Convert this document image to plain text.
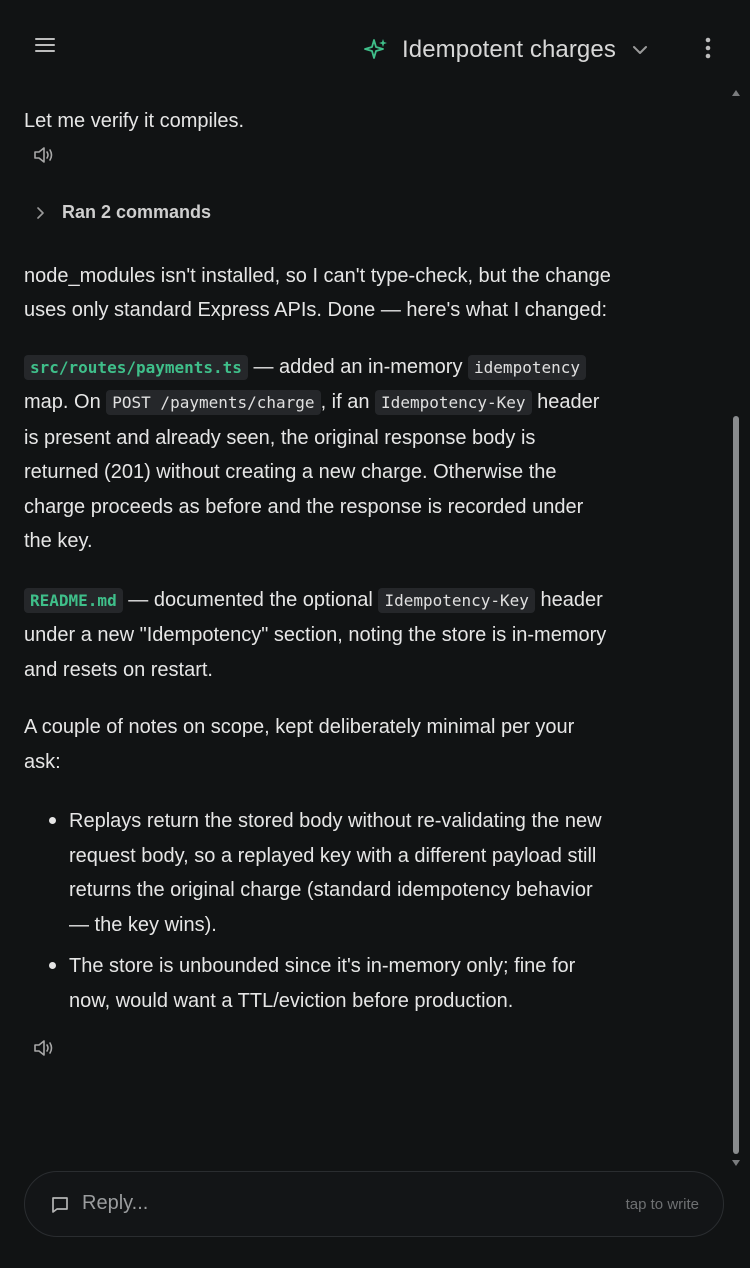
Idempotent charges

Let me verify it compiles.

Ran 2 commands

node_modules isn't installed, so I can't type-check, but the change uses only standard Express APIs. Done — here's what I changed:

src/routes/payments.ts — added an in-memory idempotency map. On POST /payments/charge , if an Idempotency-Key header is present and already seen, the original response body is returned (201) without creating a new charge. Otherwise the charge proceeds as before and the response is recorded under the key.

README.md — documented the optional Idempotency-Key header under a new "Idempotency" section, noting the store is in-memory and resets on restart.

A couple of notes on scope, kept deliberately minimal per your ask:

• Replays return the stored body without re-validating the new request body, so a replayed key with a different payload still returns the original charge (standard idempotency behavior — the key wins).
• The store is unbounded since it's in-memory only; fine for now, would want a TTL/eviction before production.
Reply...	tap to write
